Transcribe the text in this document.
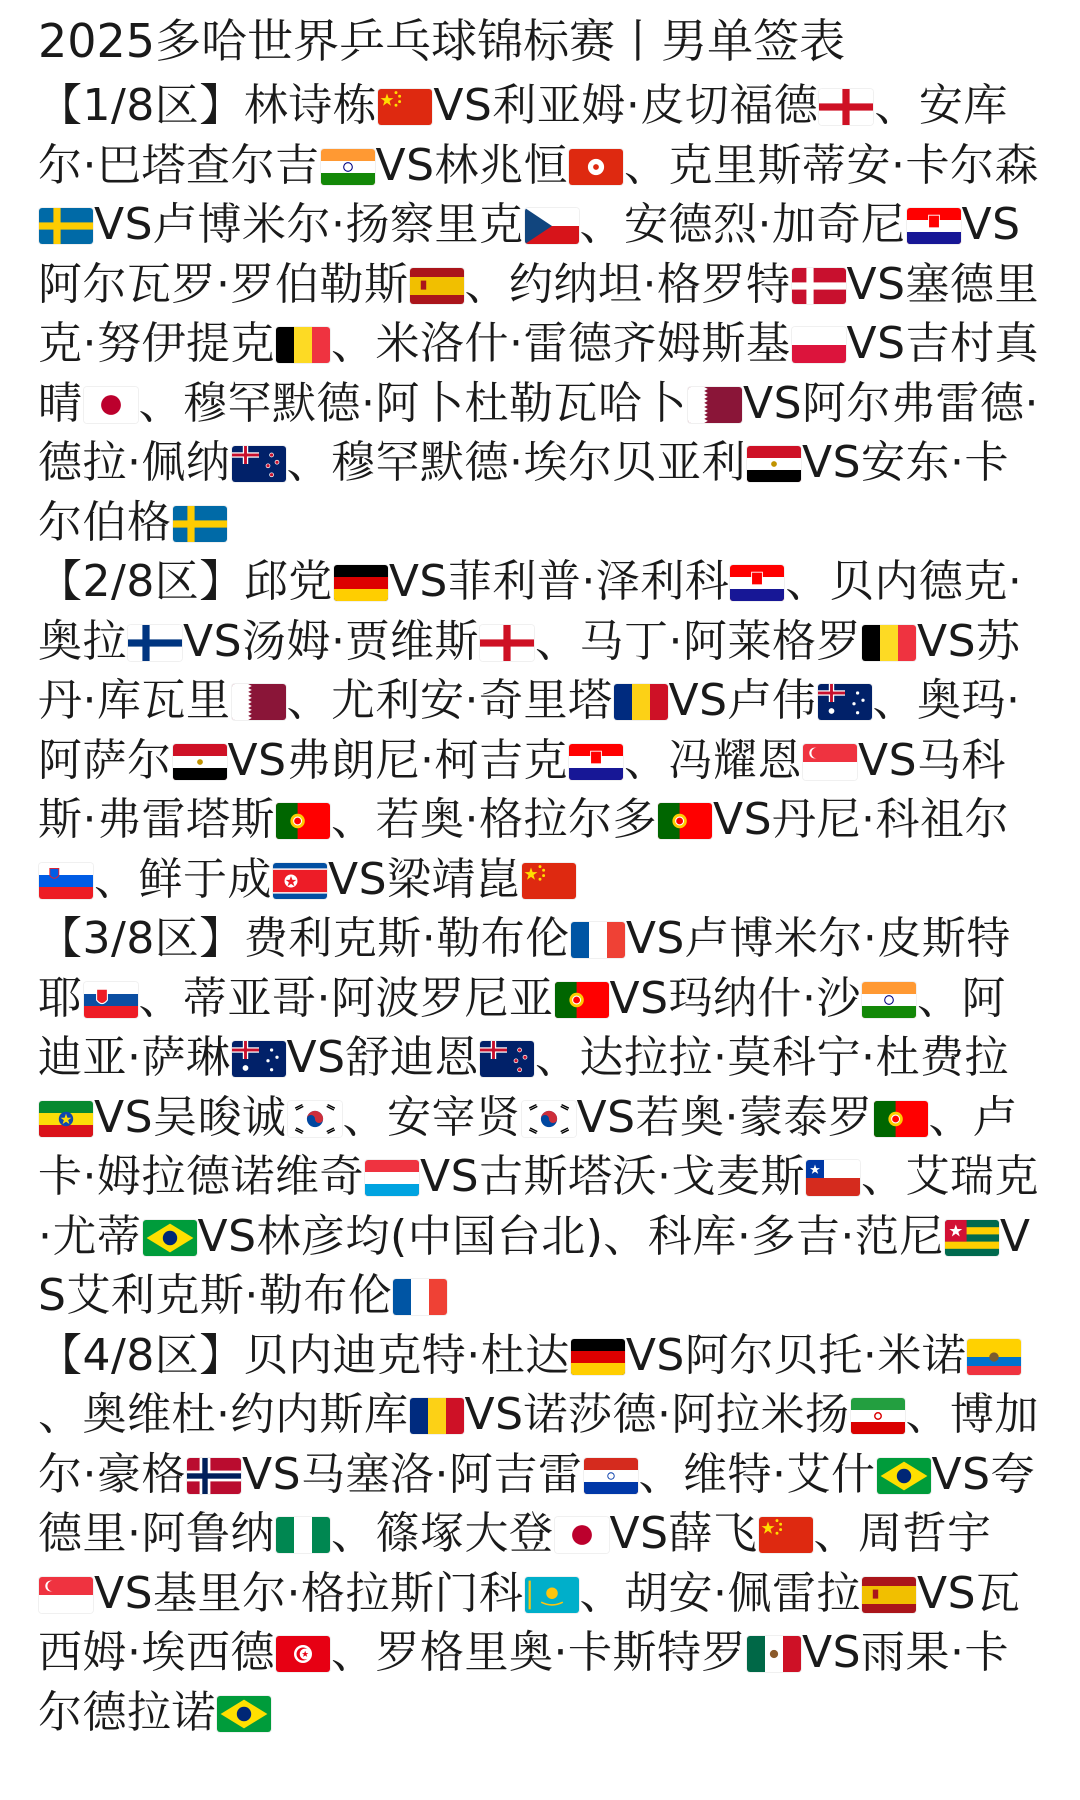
2025多哈世界乒乓球锦标赛丨男单签表

【1/8区】林诗栋 VS利亚姆·皮切福德 、安库尔·巴塔查尔吉 VS林兆恒 、克里斯蒂安·卡尔森
VS卢博米尔·扬察里克 、安德烈·加奇尼 VS阿尔瓦罗·罗伯勒斯 、约纳坦·格罗特 VS塞德里克·努伊提克 、米洛什·雷德齐姆斯基 VS吉村真晴 、穆罕默德·阿卜杜勒瓦哈卜 VS阿尔弗雷德·德拉·佩纳 、穆罕默德·埃尔贝亚利 VS安东·卡尔伯格

【2/8区】邱党 VS菲利普·泽利科 、贝内德克·奥拉 VS汤姆·贾维斯 、马丁·阿莱格罗 VS苏丹·库瓦里 、尤利安·奇里塔 VS卢伟 、奥玛·阿萨尔 VS弗朗尼·柯吉克 、冯耀恩 VS马科斯·弗雷塔斯 、若奥·格拉尔多 VS丹尼·科祖尔
、鲜于成 VS梁靖崑

【3/8区】费利克斯·勒布伦 VS卢博米尔·皮斯特耶 、蒂亚哥·阿波罗尼亚 VS玛纳什·沙 、阿迪亚·萨琳 VS舒迪恩 、达拉拉·莫科宁·杜费拉
VS吴晙诚 、安宰贤 VS若奥·蒙泰罗 、卢卡·姆拉德诺维奇 VS古斯塔沃·戈麦斯 、艾瑞克·尤蒂 VS林彦均(中国台北)、科库·多吉·范尼 VS艾利克斯·勒布伦

【4/8区】贝内迪克特·杜达 VS阿尔贝托·米诺
、奥维杜·约内斯库 VS诺莎德·阿拉米扬 、博加尔·豪格 VS马塞洛·阿吉雷 、维特·艾什 VS夸德里·阿鲁纳 、篠塚大登 VS薛飞 、周哲宇
VS基里尔·格拉斯门科 、胡安·佩雷拉 VS瓦西姆·埃西德 、罗格里奥·卡斯特罗 VS雨果·卡尔德拉诺
